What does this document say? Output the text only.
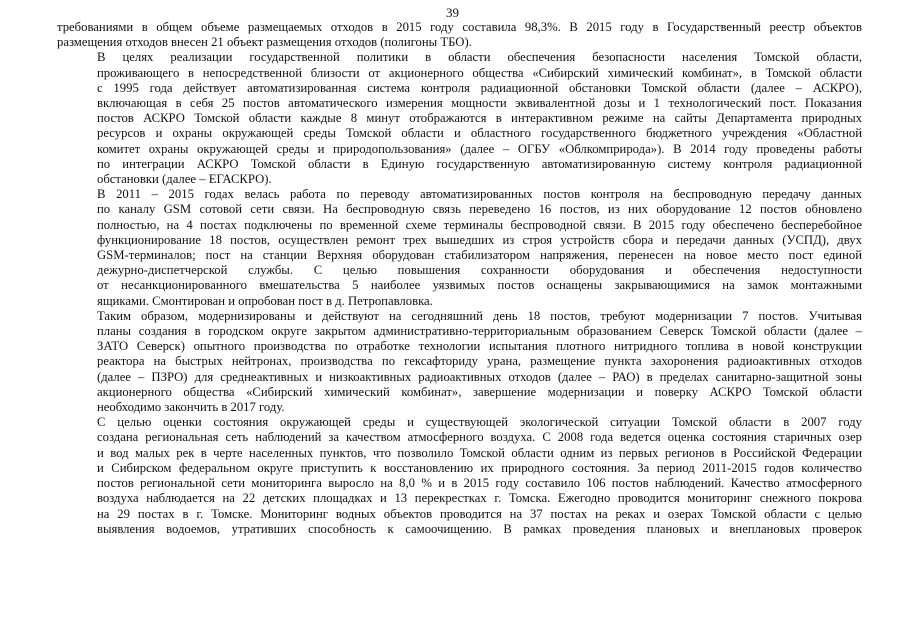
39
требованиями в общем объеме размещаемых отходов в 2015 году составила 98,3%. В 2015 году в Государственный реестр объектов
размещения отходов внесен 21 объект размещения отходов (полигоны ТБО).
В целях реализации государственной политики в области обеспечения безопасности населения Томской области,
проживающего в непосредственной близости от акционерного общества «Сибирский химический комбинат», в Томской области
с 1995 года действует автоматизированная система контроля радиационной обстановки Томской области (далее – АСКРО),
включающая в себя 25 постов автоматического измерения мощности эквивалентной дозы и 1 технологический пост. Показания
постов АСКРО Томской области каждые 8 минут отображаются в интерактивном режиме на сайты Департамента природных
ресурсов и охраны окружающей среды Томской области и областного государственного бюджетного учреждения «Областной
комитет охраны окружающей среды и природопользования» (далее – ОГБУ «Облкомприрода»). В 2014 году проведены работы
по интеграции АСКРО Томской области в Единую государственную автоматизированную систему контроля радиационной
обстановки (далее – ЕГАСКРО).
В 2011 – 2015 годах велась работа по переводу автоматизированных постов контроля на беспроводную передачу данных
по каналу GSM сотовой сети связи. На беспроводную связь переведено 16 постов, из них оборудование 12 постов обновлено
полностью, на 4 постах подключены по временной схеме терминалы беспроводной связи. В 2015 году обеспечено бесперебойное
функционирование 18 постов, осуществлен ремонт трех вышедших из строя устройств сбора и передачи данных (УСПД), двух
GSM-терминалов; пост на станции Верхняя оборудован стабилизатором напряжения, перенесен на новое место пост единой
дежурно-диспетчерской службы. С целью повышения сохранности оборудования и обеспечения недоступности
от несанкционированного вмешательства 5 наиболее уязвимых постов оснащены закрывающимися на замок монтажными
ящиками. Смонтирован и опробован пост в д. Петропавловка.
Таким образом, модернизированы и действуют на сегодняшний день 18 постов, требуют модернизации 7 постов. Учитывая
планы создания в городском округе закрытом административно-территориальным образованием Северск Томской области (далее –
ЗАТО Северск) опытного производства по отработке технологии испытания плотного нитридного топлива в новой конструкции
реактора на быстрых нейтронах, производства по гексафториду урана, размещение пункта захоронения радиоактивных отходов
(далее – ПЗРО) для среднеактивных и низкоактивных радиоактивных отходов (далее – РАО) в пределах санитарно-защитной зоны
акционерного общества «Сибирский химический комбинат», завершение модернизации и поверку АСКРО Томской области
необходимо закончить в 2017 году.
С целью оценки состояния окружающей среды и существующей экологической ситуации Томской области в 2007 году
создана региональная сеть наблюдений за качеством атмосферного воздуха. С 2008 года ведется оценка состояния старичных озер
и вод малых рек в черте населенных пунктов, что позволило Томской области одним из первых регионов в Российской Федерации
и Сибирском федеральном округе приступить к восстановлению их природного состояния. За период 2011-2015 годов количество
постов региональной сети мониторинга выросло на 8,0 % и в 2015 году составило 106 постов наблюдений. Качество атмосферного
воздуха наблюдается на 22 детских площадках и 13 перекрестках г. Томска. Ежегодно проводится мониторинг снежного покрова
на 29 постах в г. Томске. Мониторинг водных объектов проводится на 37 постах на реках и озерах Томской области с целью
выявления водоемов, утративших способность к самоочищению. В рамках проведения плановых и внеплановых проверок
